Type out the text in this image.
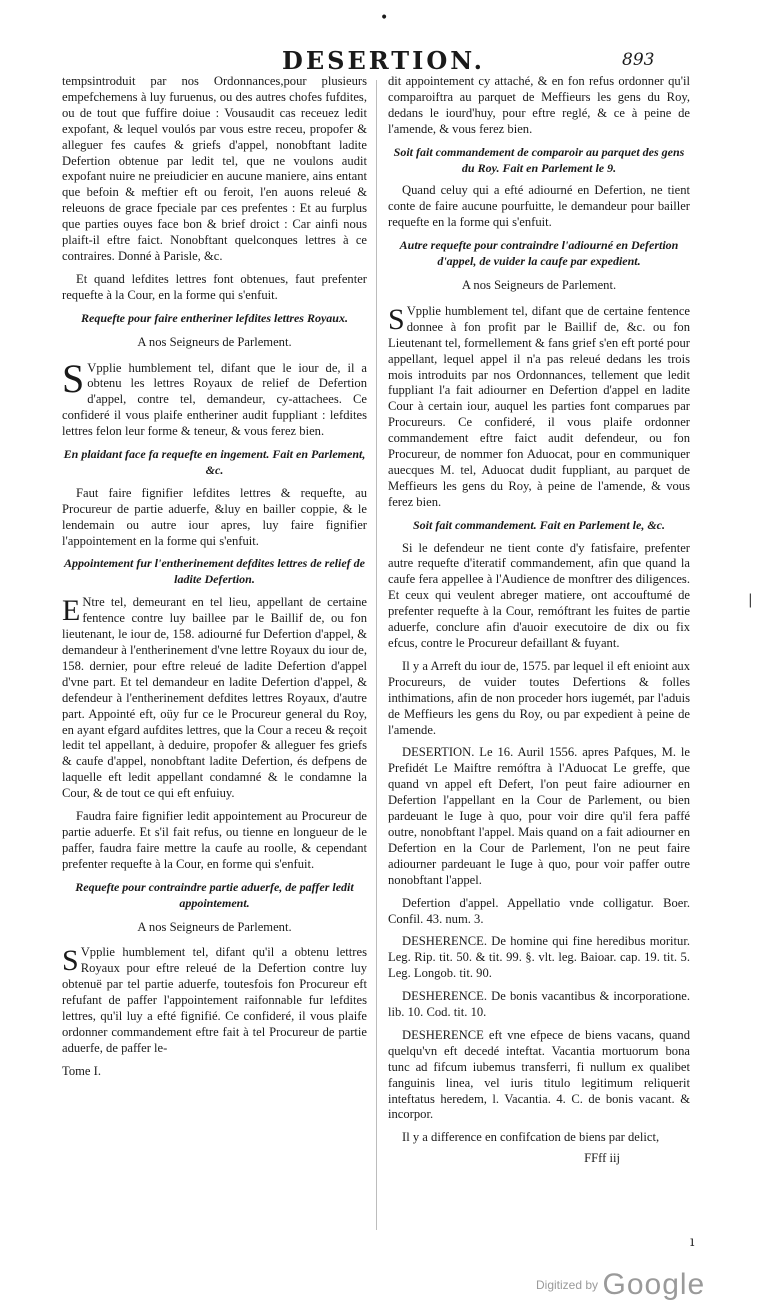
•
DESERTION.	893

tempsintroduit par nos Ordonnances,pour plusieurs empefchemens à luy furuenus, ou des autres chofes fufdites, ou de tout que fuffire doiue : Vousaudit cas receuez ledit expofant, & lequel voulós par vous estre receu, propofer & alleguer fes caufes & griefs d'appel, nonobftant ladite Defertion obtenue par ledit tel, que ne voulons audit expofant nuire ne preiudicier en aucune maniere, ains entant que befoin & meftier eft ou feroit, l'en auons releué & releuons de grace fpeciale par ces prefentes : Et au furplus que parties ouyes face bon & brief droict : Car ainfi nous plaift-il eftre faict. Nonobftant quelconques lettres à ce contraires. Donné à Parisle, &c.

Et quand lefdites lettres font obtenues, faut prefenter requefte à la Cour, en la forme qui s'enfuit.

Requefte pour faire entheriner lefdites lettres Royaux.

A nos Seigneurs de Parlement.

S Vpplie humblement tel, difant que le iour de, il a obtenu les lettres Royaux de relief de Defertion d'appel, contre tel, demandeur, cy-attachees. Ce confideré il vous plaife entheriner audit fuppliant : lefdites lettres felon leur forme & teneur, & vous ferez bien.

En plaidant face fa requefte en ingement. Fait en Parlement, &c.

Faut faire fignifier lefdites lettres & requefte, au Procureur de partie aduerfe, &luy en bailler coppie, & le lendemain ou autre iour apres, luy faire fignifier l'appointement en la forme qui s'enfuit.

Appointement fur l'entherinement defdites lettres de relief de ladite Defertion.

E Ntre tel, demeurant en tel lieu, appellant de certaine fentence contre luy baillee par le Baillif de, ou fon lieutenant, le iour de, 158. adiourné fur Defertion d'appel, & demandeur à l'entherinement d'vne lettre Royaux du iour de, 158. dernier, pour eftre releué de ladite Defertion d'appel d'vne part. Et tel demandeur en ladite Defertion d'appel, & defendeur à l'entherinement defdites lettres Royaux, d'autre part. Appointé eft, oüy fur ce le Procureur general du Roy, en ayant efgard aufdites lettres, que la Cour a receu & reçoit ledit tel appellant, à deduire, propofer & alleguer fes griefs & caufe d'appel, nonobftant ladite Defertion, és defpens de laquelle eft ledit appellant condamné & le condamne la Cour, & de tout ce qui eft enfuiuy.

Faudra faire fignifier ledit appointement au Procureur de partie aduerfe. Et s'il fait refus, ou tienne en longueur de le paffer, faudra faire mettre la caufe au roolle, & cependant prefenter requefte à la Cour, en forme qui s'enfuit.

Requefte pour contraindre partie aduerfe, de paffer ledit appointement.

A nos Seigneurs de Parlement.

S Vpplie humblement tel, difant qu'il a obtenu lettres Royaux pour eftre releué de la Defertion contre luy obtenuë par tel partie aduerfe, toutesfois fon Procureur eft refufant de paffer l'appointement raifonnable fur lefdites lettres, qu'il luy a efté fignifié. Ce confideré, il vous plaife ordonner commandement eftre fait à tel Procureur de partie aduerfe, de paffer le-

Tome I.

dit appointement cy attaché, & en fon refus ordonner qu'il comparoiftra au parquet de Meffieurs les gens du Roy, dedans le iourd'huy, pour eftre reglé, & ce à peine de l'amende, & vous ferez bien.

Soit fait commandement de comparoir au parquet des gens du Roy. Fait en Parlement le 9.

Quand celuy qui a efté adiourné en Defertion, ne tient conte de faire aucune pourfuitte, le demandeur pour bailler requefte en la forme qui s'enfuit.

Autre requefte pour contraindre l'adiourné en Defertion d'appel, de vuider la caufe par expedient.

A nos Seigneurs de Parlement.

S Vpplie humblement tel, difant que de certaine fentence donnee à fon profit par le Baillif de, &c. ou fon Lieutenant tel, formellement & fans grief s'en eft porté pour appellant, lequel appel il n'a pas releué dedans les trois mois introduits par nos Ordonnances, tellement que ledit fuppliant l'a fait adiourner en Defertion d'appel en ladite Cour à certain iour, auquel les parties font comparues par Procureurs. Ce confideré, il vous plaife ordonner commandement eftre faict audit defendeur, ou fon Procureur, de nommer fon Aduocat, pour en communiquer auecques M. tel, Aduocat dudit fuppliant, au parquet de Meffieurs les gens du Roy, à peine de l'amende, & vous ferez bien.

Soit fait commandement. Fait en Parlement le, &c.

Si le defendeur ne tient conte d'y fatisfaire, prefenter autre requefte d'iteratif commandement, afin que quand la caufe fera appellee à l'Audience de monftrer des diligences. Et ceux qui veulent abreger matiere, ont accouftumé de prefenter requefte à la Cour, remóftrant les fuites de partie aduerfe, conclure afin d'auoir executoire de dix ou fix efcus, contre le Procureur defaillant & fuyant.

Il y a Arreft du iour de, 1575. par lequel il eft enioint aux Procureurs, de vuider toutes Defertions & folles inthimations, afin de non proceder hors iugemét, par l'aduis de Meffieurs les gens du Roy, ou par expedient à peine de l'amende.

DESERTION. Le 16. Auril 1556. apres Pafques, M. le Prefidét Le Maiftre remóftra à l'Aduocat Le greffe, que quand vn appel eft Defert, l'on peut faire adiourner en Defertion l'appellant en la Cour de Parlement, ou bien pardeuant le Iuge à quo, pour voir dire qu'il fera paffé outre, nonobftant l'appel. Mais quand on a fait adiourner en Defertion en la Cour de Parlement, l'on ne peut faire adiourner pardeuant le Iuge à quo, pour voir paffer outre nonobftant l'appel.

Defertion d'appel. Appellatio vnde colligatur. Boer. Confil. 43. num. 3.

DESHERENCE. De homine qui fine heredibus moritur. Leg. Rip. tit. 50. & tit. 99. §. vlt. leg. Baioar. cap. 19. tit. 5. Leg. Longob. tit. 90.

DESHERENCE. De bonis vacantibus & incorporatione. lib. 10. Cod. tit. 10.

DESHERENCE eft vne efpece de biens vacans, quand quelqu'vn eft decedé inteftat. Vacantia mortuorum bona tunc ad fifcum iubemus transferri, fi nullum ex qualibet fanguinis linea, vel iuris titulo legitimum reliquerit inteftatus heredem, l. Vacantia. 4. C. de bonis vacant. & incorpor.

Il y a difference en confifcation de biens par delict,

FFff iij

|
ı
Digitized by Google
